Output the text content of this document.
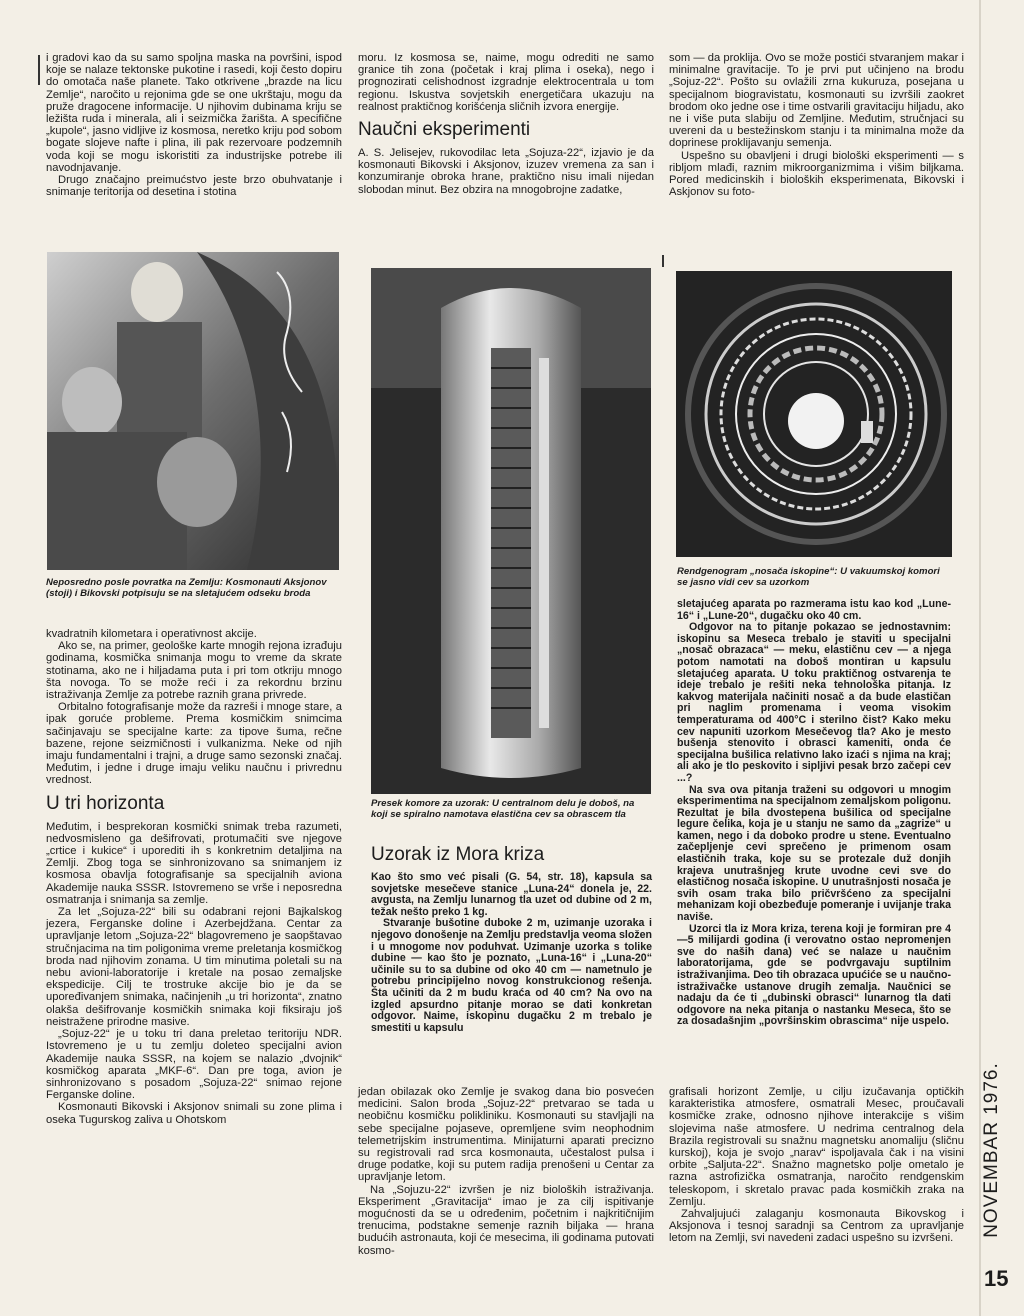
i gradovi kao da su samo spoljna maska na površini, ispod koje se nalaze tektonske pukotine i rasedi, koji često dopiru do omotača naše planete. Tako otkrivene „brazde na licu Zemlje“, naročito u rejonima gde se one ukrštaju, mogu da pruže dragocene informacije. U njihovim dubinama kriju se ležišta ruda i minerala, ali i seizmička žarišta. A specifične „kupole“, jasno vidljive iz kosmosa, neretko kriju pod sobom bogate slojeve nafte i plina, ili pak rezervoare podzemnih voda koji se mogu iskoristiti za industrijske potrebe ili navodnjavanje.

Drugo značajno preimućstvo jeste brzo obuhvatanje i snimanje teritorija od desetina i stotina

moru. Iz kosmosa se, naime, mogu odrediti ne samo granice tih zona (početak i kraj plima i oseka), nego i prognozirati celishodnost izgradnje elektrocentrala u tom regionu. Iskustva sovjetskih energetičara ukazuju na realnost praktičnog korišćenja sličnih izvora energije.

Naučni eksperimenti

A. S. Jelisejev, rukovodilac leta „Sojuza-22“, izjavio je da kosmonauti Bikovski i Aksjonov, izuzev vremena za san i konzumiranje obroka hrane, praktično nisu imali nijedan slobodan minut. Bez obzira na mnogobrojne zadatke,

som — da proklija. Ovo se može postići stvaranjem makar i minimalne gravitacije. To je prvi put učinjeno na brodu „Sojuz-22“. Pošto su ovlažili zrna kukuruza, posejana u specijalnom biogravistatu, kosmonauti su izvršili zaokret brodom oko jedne ose i time ostvarili gravitaciju hiljadu, ako ne i više puta slabiju od Zemljine. Međutim, stručnjaci su uvereni da u bestežinskom stanju i ta minimalna može da doprinese proklijavanju semenja.

Uspešno su obavljeni i drugi biološki eksperimenti — s ribljom mlađi, raznim mikroorganizmima i višim biljkama. Pored medicinskih i bioloških eksperimenata, Bikovski i Askjonov su foto-

Neposredno posle povratka na Zemlju: Kosmonauti Aksjonov (stoji) i Bikovski potpisuju se na sletajućem odseku broda
Presek komore za uzorak: U centralnom delu je doboš, na koji se spiralno namotava elastična cev sa obrascem tla
Rendgenogram „nosača iskopine“: U vakuumskoj komori se jasno vidi cev sa uzorkom

kvadratnih kilometara i operativnost akcije.

Ako se, na primer, geološke karte mnogih rejona izrađuju godinama, kosmička snimanja mogu to vreme da skrate stotinama, ako ne i hiljadama puta i pri tom otkriju mnogo šta novoga. To se može reći i za rekordnu brzinu istraživanja Zemlje za potrebe raznih grana privrede.

Orbitalno fotografisanje može da razreši i mnoge stare, a ipak goruće probleme. Prema kosmičkim snimcima sačinjavaju se specijalne karte: za tipove šuma, rečne bazene, rejone seizmičnosti i vulkanizma. Neke od njih imaju fundamentalni i trajni, a druge samo sezonski značaj. Međutim, i jedne i druge imaju veliku naučnu i privrednu vrednost.

U tri horizonta

Međutim, i besprekoran kosmički snimak treba razumeti, nedvosmisleno ga dešifrovati, protumačiti sve njegove „crtice i kukice“ i uporediti ih s konkretnim detaljima na Zemlji. Zbog toga se sinhronizovano sa snimanjem iz kosmosa obavlja fotografisanje sa specijalnih aviona Akademije nauka SSSR. Istovremeno se vrše i neposredna osmatranja i snimanja sa zemlje.

Za let „Sojuza-22“ bili su odabrani rejoni Bajkalskog jezera, Ferganske doline i Azerbejdžana. Centar za upravljanje letom „Sojuza-22“ blagovremeno je saopštavao stručnjacima na tim poligonima vreme preletanja kosmičkog broda nad njihovim zonama. U tim minutima poletali su na nebu avioni-laboratorije i kretale na posao zemaljske ekspedicije. Cilj te trostruke akcije bio je da se upoređivanjem snimaka, načinjenih „u tri horizonta“, znatno olakša dešifrovanje kosmičkih snimaka koji fiksiraju još neistražene prirodne masive.

„Sojuz-22“ je u toku tri dana preletao teritoriju NDR. Istovremeno je u tu zemlju doleteo specijalni avion Akademije nauka SSSR, na kojem se nalazio „dvojnik“ kosmičkog aparata „MKF-6“. Dan pre toga, avion je sinhronizovano s posadom „Sojuza-22“ snimao rejone Ferganske doline.

Kosmonauti Bikovski i Aksjonov snimali su zone plima i oseka Tugurskog zaliva u Ohotskom

Uzorak iz Mora kriza

Kao što smo već pisali (G. 54, str. 18), kapsula sa sovjetske mesečeve stanice „Luna-24“ donela je, 22. avgusta, na Zemlju lunarnog tla uzet od dubine od 2 m, težak nešto preko 1 kg.

Stvaranje bušotine duboke 2 m, uzimanje uzoraka i njegovo donošenje na Zemlju predstavlja veoma složen i u mnogome nov poduhvat. Uzimanje uzorka s tolike dubine — kao što je poznato, „Luna-16“ i „Luna-20“ učinile su to sa dubine od oko 40 cm — nametnulo je potrebu principijelno novog konstrukcionog rešenja. Šta učiniti da 2 m budu kraća od 40 cm? Na ovo na izgled apsurdno pitanje morao se dati konkretan odgovor. Naime, iskopinu dugačku 2 m trebalo je smestiti u kapsulu

sletajućeg aparata po razmerama istu kao kod „Lune-16“ i „Lune-20“, dugačku oko 40 cm.

Odgovor na to pitanje pokazao se jednostavnim: iskopinu sa Meseca trebalo je staviti u specijalni „nosač obrazaca“ — meku, elastičnu cev — a njega potom namotati na doboš montiran u kapsulu sletajućeg aparata. U toku praktičnog ostvarenja te ideje trebalo je rešiti neka tehnološka pitanja. Iz kakvog materijala načiniti nosač a da bude elastičan pri naglim promenama i veoma visokim temperaturama od 400°C i sterilno čist? Kako meku cev napuniti uzorkom Mesečevog tla? Ako je mesto bušenja stenovito i obrasci kameniti, onda će specijalna bušilica relativno lako izaći s njima na kraj; ali ako je tlo peskovito i sipljivi pesak brzo začepi cev ...?

Na sva ova pitanja traženi su odgovori u mnogim eksperimentima na specijalnom zemaljskom poligonu. Rezultat je bila dvostepena bušilica od specijalne legure čelika, koja je u stanju ne samo da „zagrize“ u kamen, nego i da doboko prodre u stene. Eventualno začepljenje cevi sprečeno je primenom osam elastičnih traka, koje su se protezale duž donjih krajeva unutrašnjeg krute uvodne cevi sve do elastičnog nosača iskopine. U unutrašnjosti nosača je svih osam traka bilo pričvršćeno za specijalni mehanizam koji obezbeđuje pomeranje i uvijanje traka naviše.

Uzorci tla iz Mora kriza, terena koji je formiran pre 4—5 milijardi godina (i verovatno ostao nepromenjen sve do naših dana) već se nalaze u naučnim laboratorijama, gde se podvrgavaju suptilnim istraživanjima. Deo tih obrazaca upućiće se u naučno-istraživačke ustanove drugih zemalja. Naučnici se nadaju da će ti „dubinski obrasci“ lunarnog tla dati odgovore na neka pitanja o nastanku Meseca, što se za dosadašnjim „površinskim obrascima“ nije uspelo.

jedan obilazak oko Zemlje je svakog dana bio posvećen medicini. Salon broda „Sojuz-22“ pretvarao se tada u neobičnu kosmičku polikliniku. Kosmonauti su stavljajli na sebe specijalne pojaseve, opremljene svim neophodnim telemetrijskim instrumentima. Minijaturni aparati precizno su registrovali rad srca kosmonauta, učestalost pulsa i druge podatke, koji su putem radija prenošeni u Centar za upravljanje letom.

Na „Sojuzu-22“ izvršen je niz bioloških istraživanja. Eksperiment „Gravitacija“ imao je za cilj ispitivanje mogućnosti da se u određenim, početnim i najkritičnijim trenucima, podstakne semenje raznih biljaka — hrana budućih astronauta, koji će mesecima, ili godinama putovati kosmo-

grafisali horizont Zemlje, u cilju izučavanja optičkih karakteristika atmosfere, osmatrali Mesec, proučavali kosmičke zrake, odnosno njihove interakcije s višim slojevima naše atmosfere. U nedrima centralnog dela Brazila registrovali su snažnu magnetsku anomaliju (sličnu kurskoj), koja je svojo „narav“ ispoljavala čak i na visini orbite „Saljuta-22“. Snažno magnetsko polje ometalo je razna astrofizička osmatranja, naročito rendgenskim teleskopom, i skretalo pravac pada kosmičkih zraka na Zemlju.

Zahvaljujući zalaganju kosmonauta Bikovskog i Aksjonova i tesnoj saradnji sa Centrom za upravljanje letom na Zemlji, svi navedeni zadaci uspešno su izvršeni.

NOVEMBAR 1976.
15
